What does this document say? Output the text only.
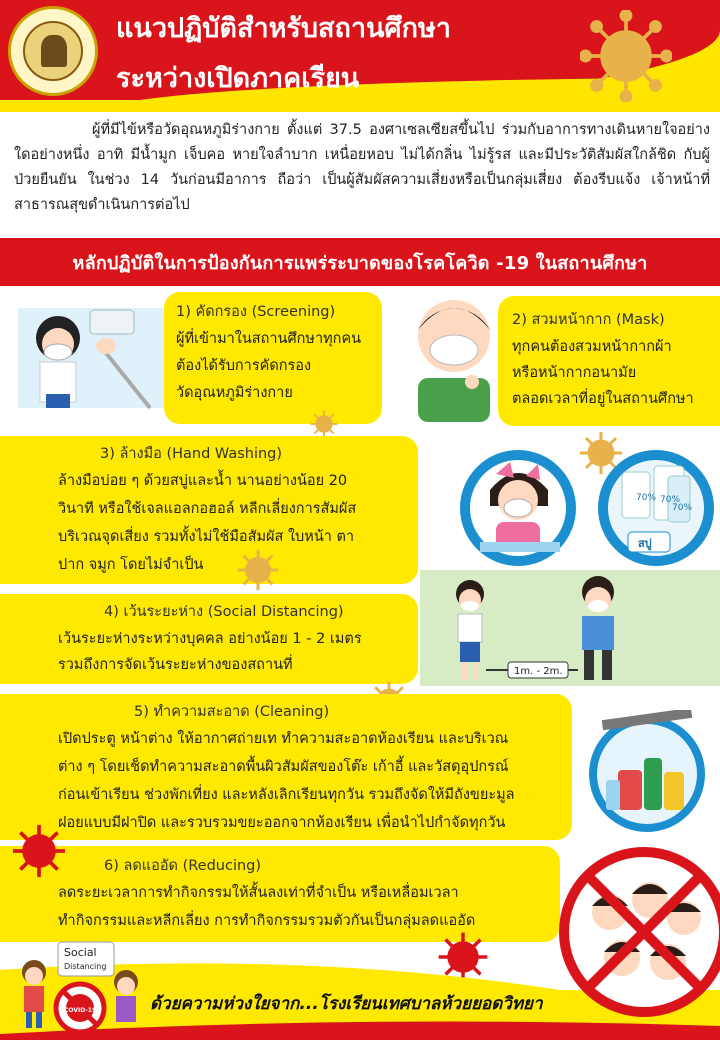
แนวปฏิบัติสำหรับสถานศึกษา
ระหว่างเปิดภาคเรียน
ผู้ที่มีไข้หรือวัดอุณหภูมิร่างกาย ตั้งแต่ 37.5 องศาเซลเซียสขึ้นไป ร่วมกับอาการทางเดินหายใจอย่างใดอย่างหนึ่ง อาทิ มีน้ำมูก เจ็บคอ หายใจลำบาก เหนื่อยหอบ ไม่ได้กลิ่น ไม่รู้รส และมีประวัติสัมผัสใกล้ชิด กับผู้ป่วยยืนยัน ในช่วง 14 วันก่อนมีอาการ ถือว่า เป็นผู้สัมผัสความเสี่ยงหรือเป็นกลุ่มเสี่ยง ต้องรีบแจ้ง เจ้าหน้าที่สาธารณสุขดำเนินการต่อไป
หลักปฏิบัติในการป้องกันการแพร่ระบาดของโรคโควิด -19 ในสถานศึกษา
1) คัดกรอง (Screening)
ผู้ที่เข้ามาในสถานศึกษาทุกคน
ต้องได้รับการคัดกรอง
วัดอุณหภูมิร่างกาย
2) สวมหน้ากาก (Mask)
ทุกคนต้องสวมหน้ากากผ้า
หรือหน้ากากอนามัย
ตลอดเวลาที่อยู่ในสถานศึกษา
3) ล้างมือ (Hand Washing)
ล้างมือบ่อย ๆ ด้วยสบู่และน้ำ นานอย่างน้อย 20
วินาที หรือใช้เจลแอลกอฮอล์ หลีกเลี่ยงการสัมผัส
บริเวณจุดเสี่ยง รวมทั้งไม่ใช้มือสัมผัส ใบหน้า ตา
ปาก จมูก โดยไม่จำเป็น
70% 70%
70%
สบู่
4) เว้นระยะห่าง (Social Distancing)
เว้นระยะห่างระหว่างบุคคล อย่างน้อย 1 - 2 เมตร
รวมถึงการจัดเว้นระยะห่างของสถานที่	1m. - 2m.
5) ทำความสะอาด (Cleaning)
เปิดประตู หน้าต่าง ให้อากาศถ่ายเท ทำความสะอาดห้องเรียน และบริเวณ
ต่าง ๆ โดยเช็ดทำความสะอาดพื้นผิวสัมผัสของโต๊ะ เก้าอี้ และวัสดุอุปกรณ์
ก่อนเข้าเรียน ช่วงพักเที่ยง และหลังเลิกเรียนทุกวัน รวมถึงจัดให้มีถังขยะมูล
ฝอยแบบมีฝาปิด และรวบรวมขยะออกจากห้องเรียน เพื่อนำไปกำจัดทุกวัน
6) ลดแออัด (Reducing)
ลดระยะเวลาการทำกิจกรรมให้สั้นลงเท่าที่จำเป็น หรือเหลื่อมเวลา
ทำกิจกรรมและหลีกเลี่ยง การทำกิจกรรมรวมตัวกันเป็นกลุ่มลดแออัด
Social
Distancing
COVID-19	ด้วยความห่วงใยจาก...โรงเรียนเทศบาลห้วยยอดวิทยา
